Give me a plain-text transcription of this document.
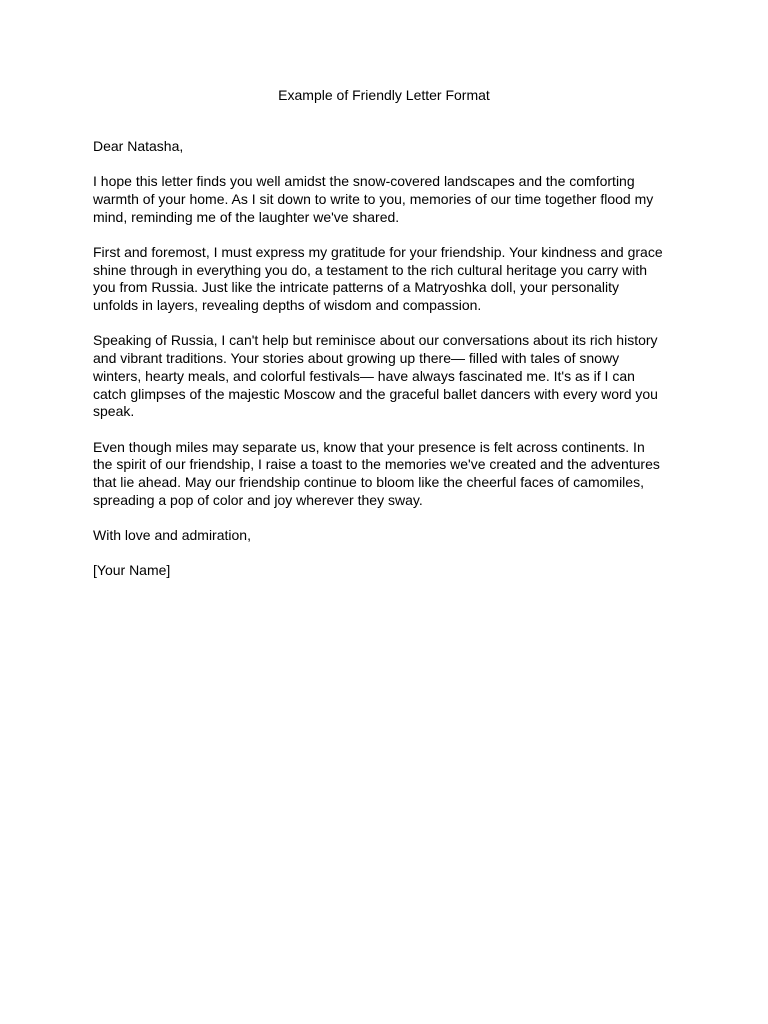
Example of Friendly Letter Format

Dear Natasha,

I hope this letter finds you well amidst the snow-covered landscapes and the comforting
warmth of your home. As I sit down to write to you, memories of our time together flood my
mind, reminding me of the laughter we've shared.

First and foremost, I must express my gratitude for your friendship. Your kindness and grace
shine through in everything you do, a testament to the rich cultural heritage you carry with
you from Russia. Just like the intricate patterns of a Matryoshka doll, your personality
unfolds in layers, revealing depths of wisdom and compassion.

Speaking of Russia, I can't help but reminisce about our conversations about its rich history
and vibrant traditions. Your stories about growing up there— filled with tales of snowy
winters, hearty meals, and colorful festivals— have always fascinated me. It's as if I can
catch glimpses of the majestic Moscow and the graceful ballet dancers with every word you
speak.

Even though miles may separate us, know that your presence is felt across continents. In
the spirit of our friendship, I raise a toast to the memories we've created and the adventures
that lie ahead. May our friendship continue to bloom like the cheerful faces of camomiles,
spreading a pop of color and joy wherever they sway.

With love and admiration,

[Your Name]
